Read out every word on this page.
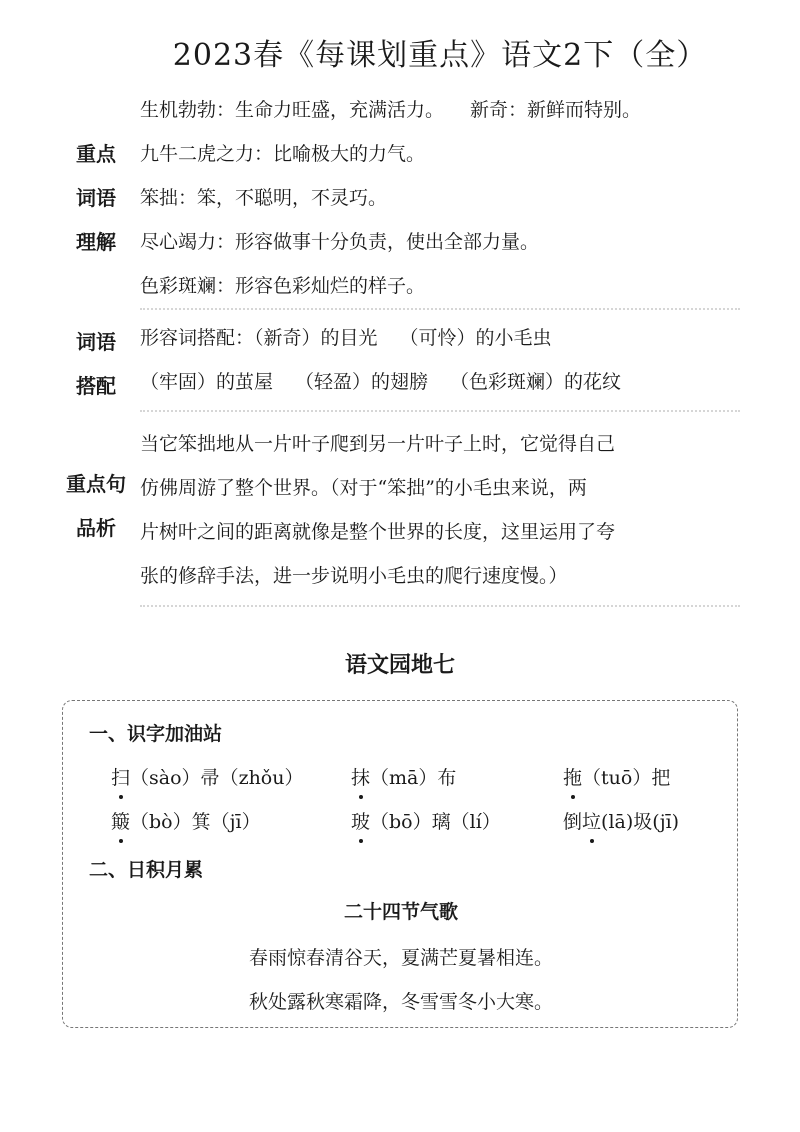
2023春《每课划重点》语文2下（全）
重点
词语
理解
生机勃勃：生命力旺盛，充满活力。 新奇：新鲜而特别。
九牛二虎之力：比喻极大的力气。
笨拙：笨，不聪明，不灵巧。
尽心竭力：形容做事十分负责，使出全部力量。
色彩斑斓：形容色彩灿烂的样子。
词语
搭配
形容词搭配：（新奇）的目光 （可怜）的小毛虫
（牢固）的茧屋 （轻盈）的翅膀 （色彩斑斓）的花纹
重点句
品析
当它笨拙地从一片叶子爬到另一片叶子上时，它觉得自己
仿佛周游了整个世界。（对于“笨拙”的小毛虫来说，两
片树叶之间的距离就像是整个世界的长度，这里运用了夸
张的修辞手法，进一步说明小毛虫的爬行速度慢。）
语文园地七
一、识字加油站
扫（sào）帚（zhǒu）	抹（mā）布	拖（tuō）把
簸（bò）箕（jī）	玻（bō）璃（lí）	倒垃(lā)圾(jī)
二、日积月累
二十四节气歌
春雨惊春清谷天，夏满芒夏暑相连。
秋处露秋寒霜降，冬雪雪冬小大寒。
